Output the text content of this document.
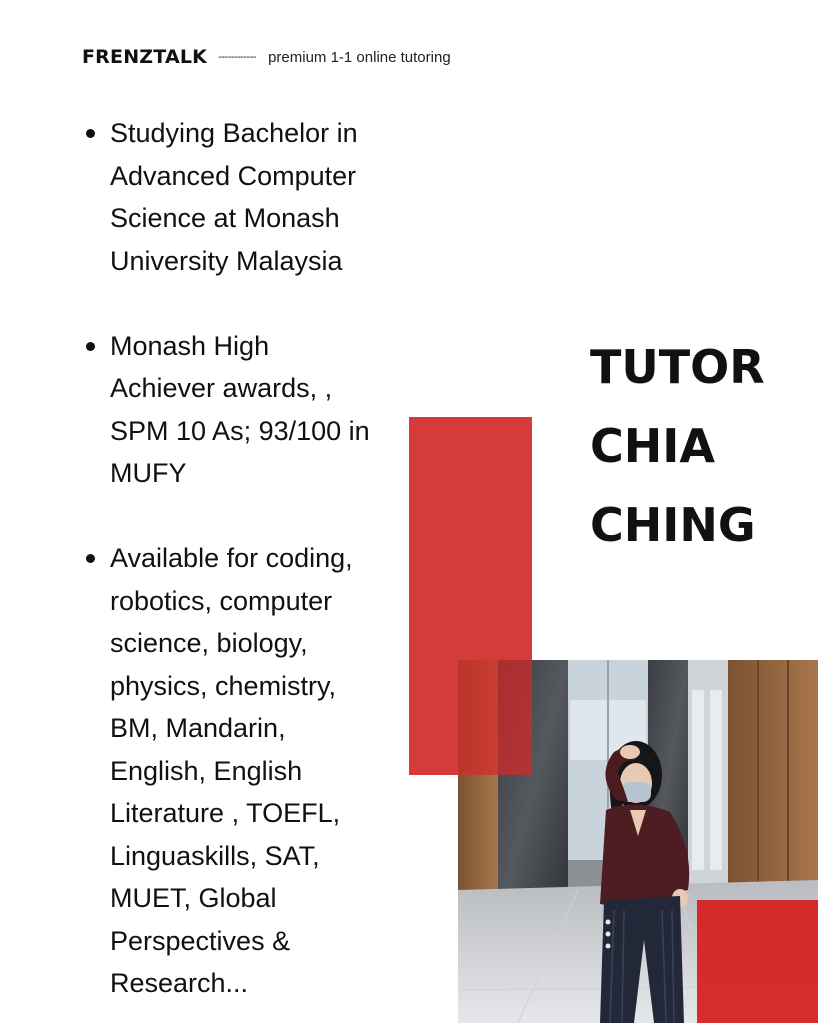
FRENZTALK ------------ premium 1-1 online tutoring
Studying Bachelor in Advanced Computer Science at Monash University Malaysia
Monash High Achiever awards, , SPM 10 As; 93/100 in MUFY
Available for coding, robotics, computer science, biology, physics, chemistry, BM, Mandarin, English, English Literature , TOEFL, Linguaskills, SAT, MUET, Global Perspectives & Research...
TUTOR
CHIA
CHING
